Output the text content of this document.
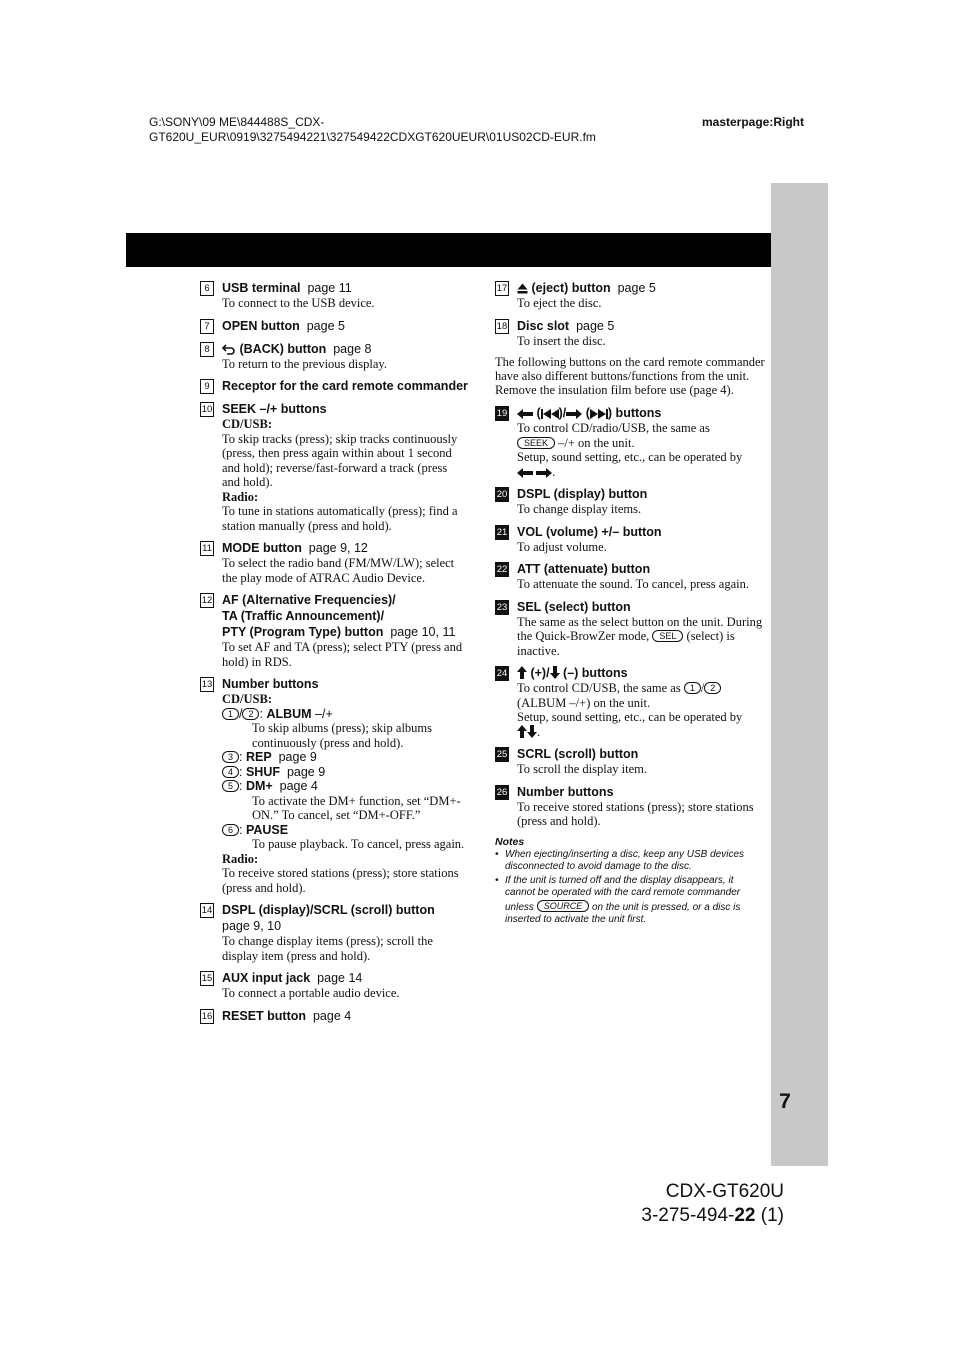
G:\SONY\09 ME\844488S_CDX-
GT620U_EUR\0919\3275494221\327549422CDXGT620UEUR\01US02CD-EUR.fm
masterpage:Right
7
CDX-GT620U
3-275-494-22 (1)
6 USB terminal page 11
To connect to the USB device.
7 OPEN button page 5
8	(BACK) button page 8
To return to the previous display.
9 Receptor for the card remote commander
10 SEEK –/+ buttons
CD/USB:
To skip tracks (press); skip tracks continuously (press, then press again within about 1 second and hold); reverse/fast-forward a track (press and hold).
Radio:
To tune in stations automatically (press); find a station manually (press and hold).
11 MODE button page 9, 12
To select the radio band (FM/MW/LW); select the play mode of ATRAC Audio Device.
12 AF (Alternative Frequencies)/
TA (Traffic Announcement)/
PTY (Program Type) button page 10, 11
To set AF and TA (press); select PTY (press and hold) in RDS.
13 Number buttons
CD/USB:
1 / 2 : ALBUM –/+
To skip albums (press); skip albums continuously (press and hold).
3 : REP page 9
4 : SHUF page 9
5 : DM+ page 4
To activate the DM+ function, set “DM+-ON.” To cancel, set “DM+-OFF.”
6 : PAUSE
To pause playback. To cancel, press again.
Radio:
To receive stored stations (press); store stations (press and hold).
14 DSPL (display)/SCRL (scroll) button
page 9, 10
To change display items (press); scroll the display item (press and hold).
15 AUX input jack page 14
To connect a portable audio device.
16 RESET button page 4
17	(eject) button page 5
To eject the disc.
18 Disc slot page 5
To insert the disc.

The following buttons on the card remote commander have also different buttons/functions from the unit. Remove the insulation film before use (page 4).

19	( )/ ( ) buttons
To control CD/radio/USB, the same as
SEEK –/+ on the unit.
Setup, sound setting, etc., can be operated by
.
20 DSPL (display) button
To change display items.
21 VOL (volume) +/– button
To adjust volume.
22 ATT (attenuate) button
To attenuate the sound. To cancel, press again.
23 SEL (select) button
The same as the select button on the unit. During the Quick-BrowZer mode, SEL (select) is inactive.
24	(+)/ (–) buttons
To control CD/USB, the same as 1 / 2
(ALBUM –/+) on the unit.
Setup, sound setting, etc., can be operated by
.
25 SCRL (scroll) button
To scroll the display item.
26 Number buttons
To receive stored stations (press); store stations (press and hold).
Notes
• When ejecting/inserting a disc, keep any USB devices disconnected to avoid damage to the disc.
• If the unit is turned off and the display disappears, it cannot be operated with the card remote commander unless SOURCE on the unit is pressed, or a disc is inserted to activate the unit first.
